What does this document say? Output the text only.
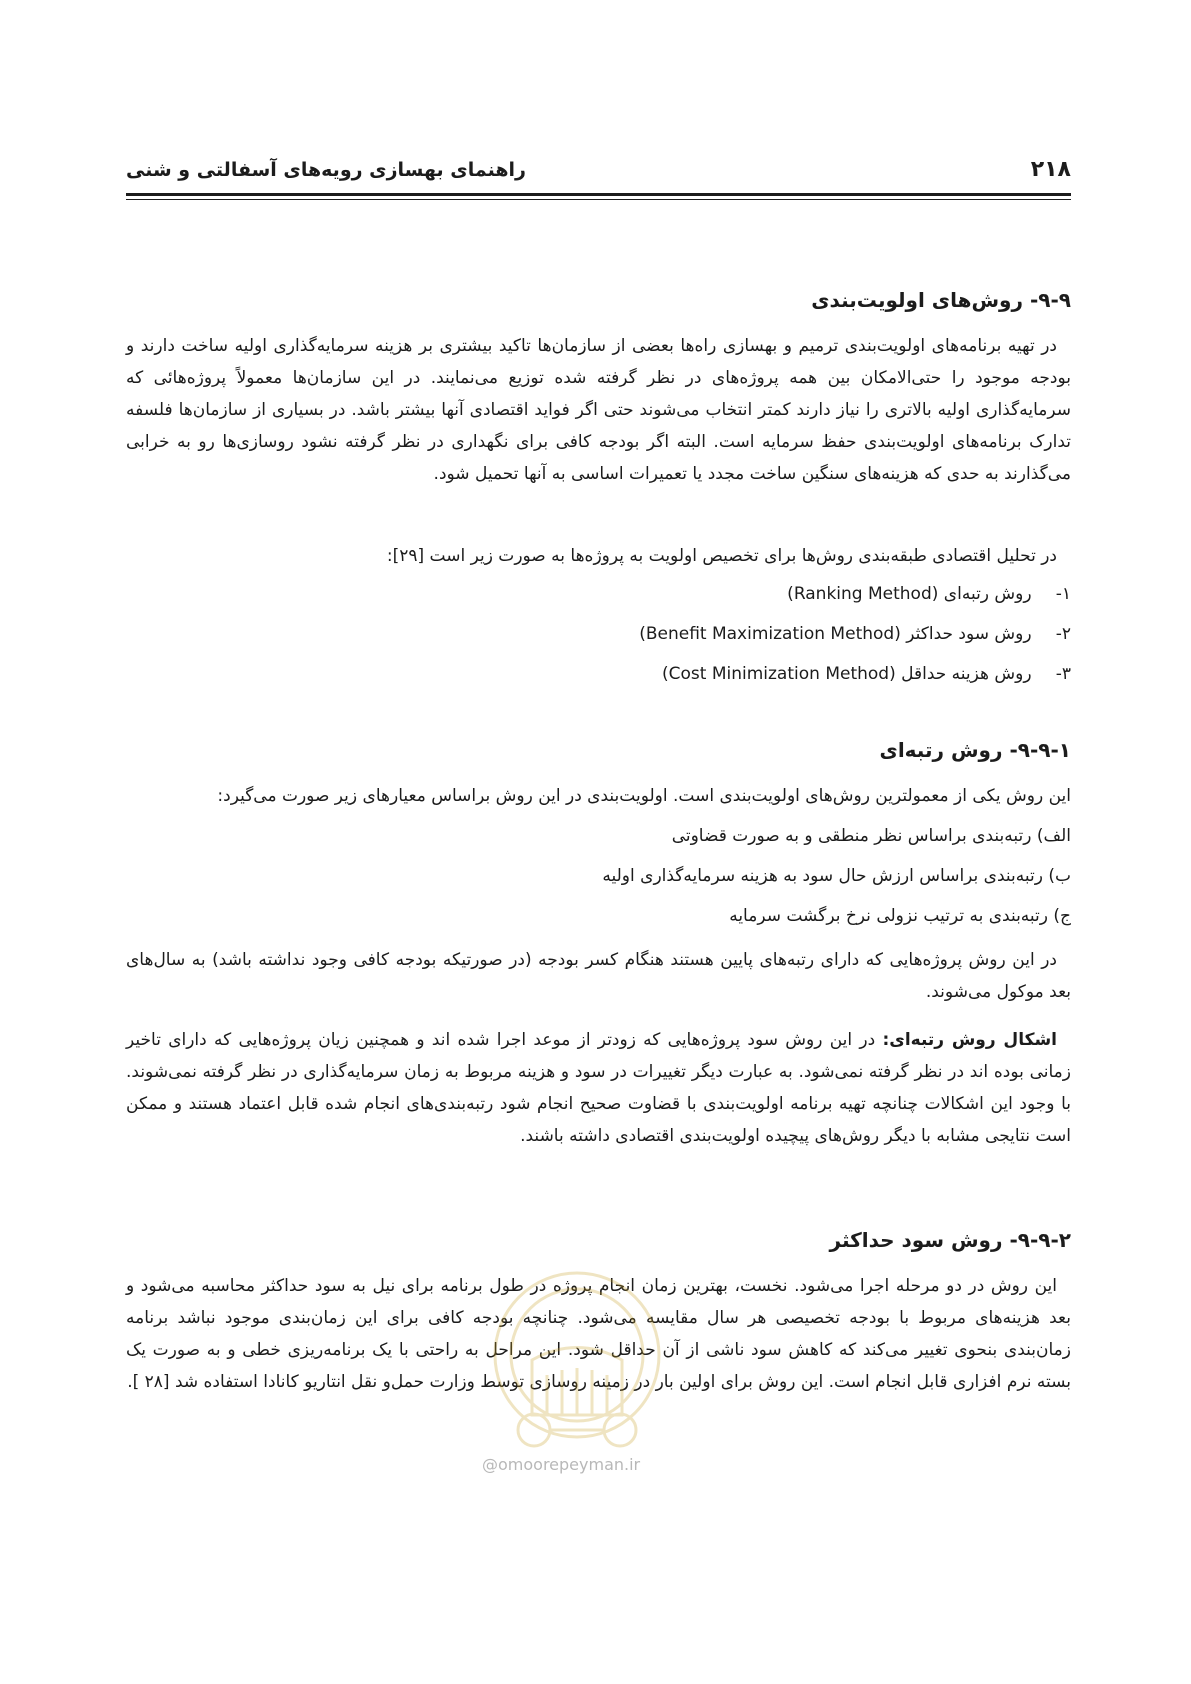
۲۱۸
راهنمای بهسازی رویه‌های آسفالتی و شنی
۹-۹- روش‌های اولویت‌بندی

در تهیه برنامه‌های اولویت‌بندی ترمیم و بهسازی راه‌ها بعضی از سازمان‌ها تاکید بیشتری بر هزینه سرمایه‌گذاری اولیه ساخت دارند و بودجه موجود را حتی‌الامکان بین همه پروژه‌های در نظر گرفته شده توزیع می‌نمایند. در این سازمان‌ها معمولاً پروژه‌هائی که سرمایه‌گذاری اولیه بالاتری را نیاز دارند کمتر انتخاب می‌شوند حتی اگر فواید اقتصادی آنها بیشتر باشد. در بسیاری از سازمان‌ها فلسفه تدارک برنامه‌های اولویت‌بندی حفظ سرمایه است. البته اگر بودجه کافی برای نگهداری در نظر گرفته نشود روسازی‌ها رو به خرابی می‌گذارند به حدی که هزینه‌های سنگین ساخت مجدد یا تعمیرات اساسی به آنها تحمیل شود.

در تحلیل اقتصادی طبقه‌بندی روش‌ها برای تخصیص اولویت به پروژه‌ها به صورت زیر است [۲۹]:

۱- روش رتبه‌ای (Ranking Method)
۲- روش سود حداکثر (Benefit Maximization Method)
۳- روش هزینه حداقل (Cost Minimization Method)
۹-۹-۱- روش رتبه‌ای

این روش یکی از معمولترین روش‌های اولویت‌بندی است. اولویت‌بندی در این روش براساس معیارهای زیر صورت می‌گیرد:

الف) رتبه‌بندی براساس نظر منطقی و به صورت قضاوتی
ب) رتبه‌بندی براساس ارزش حال سود به هزینه سرمایه‌گذاری اولیه
ج) رتبه‌بندی به ترتیب نزولی نرخ برگشت سرمایه

در این روش پروژه‌هایی که دارای رتبه‌های پایین هستند هنگام کسر بودجه (در صورتیکه بودجه کافی وجود نداشته باشد) به سال‌های بعد موکول می‌شوند.

اشکال روش رتبه‌ای: در این روش سود پروژه‌هایی که زودتر از موعد اجرا شده اند و همچنین زیان پروژه‌هایی که دارای تاخیر زمانی بوده اند در نظر گرفته نمی‌شود. به عبارت دیگر تغییرات در سود و هزینه مربوط به زمان سرمایه‌گذاری در نظر گرفته نمی‌شوند. با وجود این اشکالات چنانچه تهیه برنامه اولویت‌بندی با قضاوت صحیح انجام شود رتبه‌بندی‌های انجام شده قابل اعتماد هستند و ممکن است نتایجی مشابه با دیگر روش‌های پیچیده اولویت‌بندی اقتصادی داشته باشند.

۹-۹-۲- روش سود حداکثر

این روش در دو مرحله اجرا می‌شود. نخست، بهترین زمان انجام پروژه در طول برنامه برای نیل به سود حداکثر محاسبه می‌شود و بعد هزینه‌های مربوط با بودجه تخصیصی هر سال مقایسه می‌شود. چنانچه بودجه کافی برای این زمان‌بندی موجود نباشد برنامه زمان‌بندی بنحوی تغییر می‌کند که کاهش سود ناشی از آن حداقل شود. این مراحل به راحتی با یک برنامه‌ریزی خطی و به صورت یک بسته نرم افزاری قابل انجام است. این روش برای اولین بار در زمینه روسازی توسط وزارت حمل‌و نقل انتاریو کانادا استفاده شد [۲۸ ].

@omoorepeyman.ir
